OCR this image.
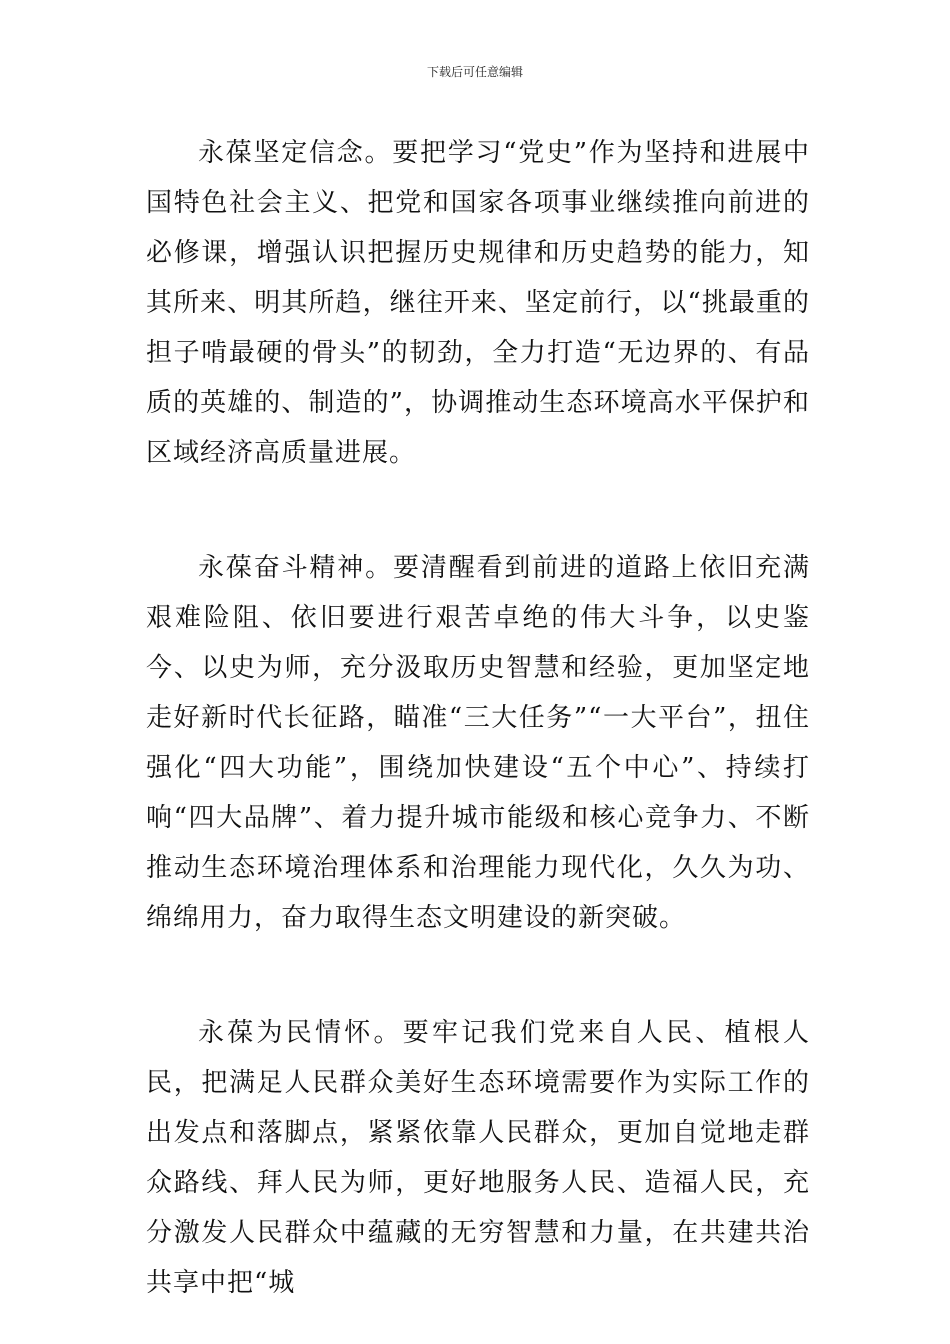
下载后可任意编辑

永葆坚定信念。要把学习“党史”作为坚持和进展中国特色社会主义、把党和国家各项事业继续推向前进的必修课，增强认识把握历史规律和历史趋势的能力，知其所来、明其所趋，继往开来、坚定前行，以“挑最重的担子啃最硬的骨头”的韧劲，全力打造“无边界的、有品质的英雄的、制造的”，协调推动生态环境高水平保护和区域经济高质量进展。

永葆奋斗精神。要清醒看到前进的道路上依旧充满艰难险阻、依旧要进行艰苦卓绝的伟大斗争，以史鉴今、以史为师，充分汲取历史智慧和经验，更加坚定地走好新时代长征路，瞄准“三大任务”“一大平台”，扭住强化“四大功能”，围绕加快建设“五个中心”、持续打响“四大品牌”、着力提升城市能级和核心竞争力、不断推动生态环境治理体系和治理能力现代化，久久为功、绵绵用力，奋力取得生态文明建设的新突破。

永葆为民情怀。要牢记我们党来自人民、植根人民，把满足人民群众美好生态环境需要作为实际工作的出发点和落脚点，紧紧依靠人民群众，更加自觉地走群众路线、拜人民为师，更好地服务人民、造福人民，充分激发人民群众中蕴藏的无穷智慧和力量，在共建共治共享中把“城
